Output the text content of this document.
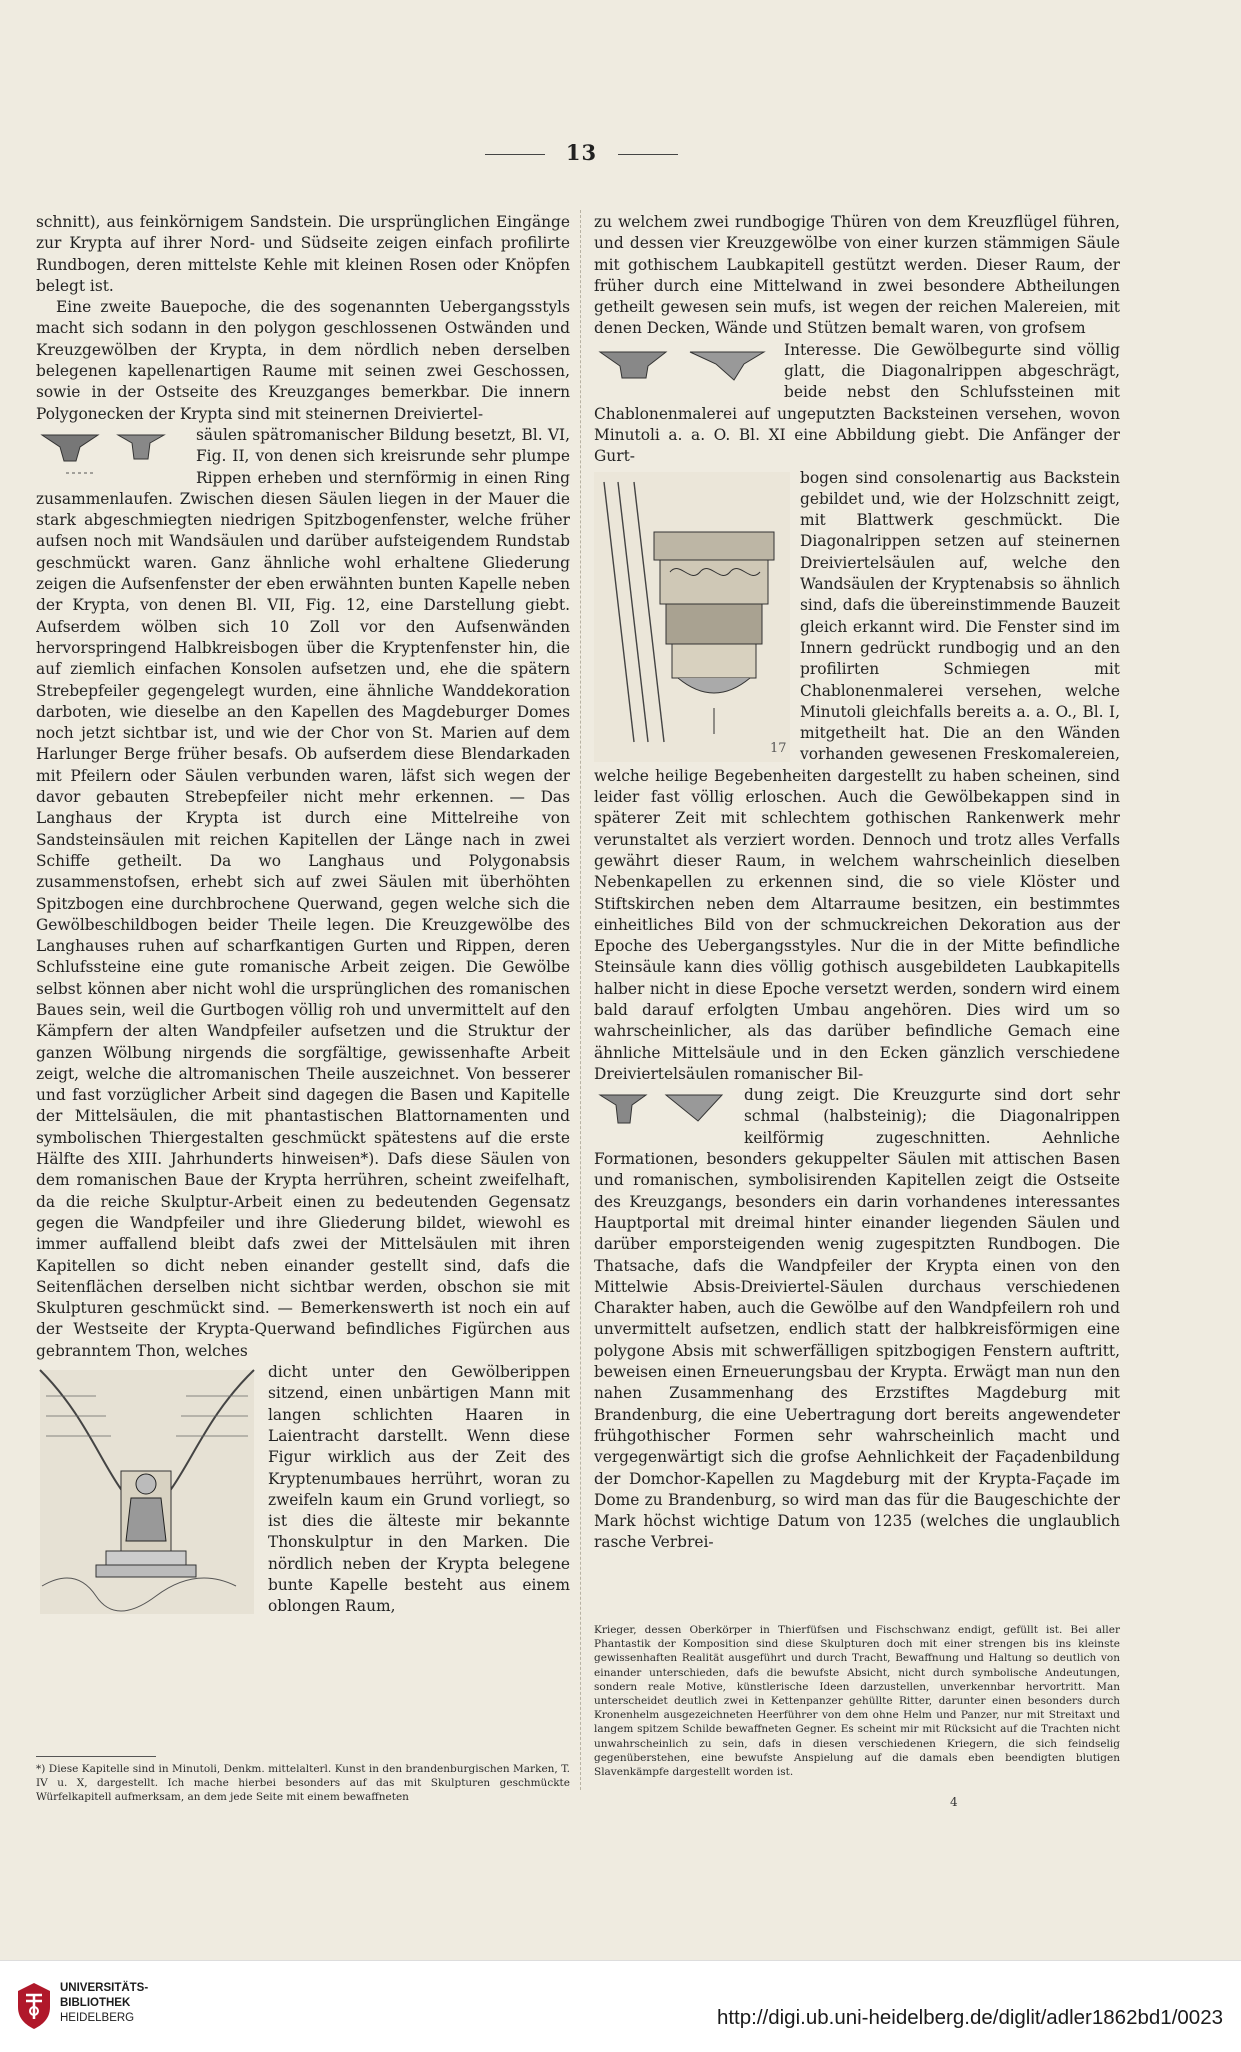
13

schnitt), aus feinkörnigem Sandstein. Die ursprünglichen Eingänge zur Krypta auf ihrer Nord- und Südseite zeigen einfach profilirte Rundbogen, deren mittelste Kehle mit kleinen Rosen oder Knöpfen belegt ist.

Eine zweite Bauepoche, die des sogenannten Uebergangsstyls macht sich sodann in den polygon geschlossenen Ostwänden und Kreuzgewölben der Krypta, in dem nördlich neben derselben belegenen kapellenartigen Raume mit seinen zwei Geschossen, sowie in der Ostseite des Kreuzganges bemerkbar. Die innern Polygonecken der Krypta sind mit steinernen Dreiviertel-

säulen spätromanischer Bildung besetzt, Bl. VI, Fig. II, von denen sich kreisrunde sehr plumpe Rippen erheben und sternförmig in einen Ring zusammenlaufen. Zwischen diesen Säulen liegen in der Mauer die stark abgeschmiegten niedrigen Spitzbogenfenster, welche früher aufsen noch mit Wandsäulen und darüber aufsteigendem Rundstab geschmückt waren. Ganz ähnliche wohl erhaltene Gliederung zeigen die Aufsenfenster der eben erwähnten bunten Kapelle neben der Krypta, von denen Bl. VII, Fig. 12, eine Darstellung giebt. Aufserdem wölben sich 10 Zoll vor den Aufsenwänden hervorspringend Halbkreisbogen über die Kryptenfenster hin, die auf ziemlich einfachen Konsolen aufsetzen und, ehe die spätern Strebepfeiler gegengelegt wurden, eine ähnliche Wanddekoration darboten, wie dieselbe an den Kapellen des Magdeburger Domes noch jetzt sichtbar ist, und wie der Chor von St. Marien auf dem Harlunger Berge früher besafs. Ob aufserdem diese Blendarkaden mit Pfeilern oder Säulen verbunden waren, läfst sich wegen der davor gebauten Strebepfeiler nicht mehr erkennen. — Das Langhaus der Krypta ist durch eine Mittelreihe von Sandsteinsäulen mit reichen Kapitellen der Länge nach in zwei Schiffe getheilt. Da wo Langhaus und Polygonabsis zusammenstofsen, erhebt sich auf zwei Säulen mit überhöhten Spitzbogen eine durchbrochene Querwand, gegen welche sich die Gewölbeschildbogen beider Theile legen. Die Kreuzgewölbe des Langhauses ruhen auf scharfkantigen Gurten und Rippen, deren Schlufssteine eine gute romanische Arbeit zeigen. Die Gewölbe selbst können aber nicht wohl die ursprünglichen des romanischen Baues sein, weil die Gurtbogen völlig roh und unvermittelt auf den Kämpfern der alten Wandpfeiler aufsetzen und die Struktur der ganzen Wölbung nirgends die sorgfältige, gewissenhafte Arbeit zeigt, welche die altromanischen Theile auszeichnet. Von besserer und fast vorzüglicher Arbeit sind dagegen die Basen und Kapitelle der Mittelsäulen, die mit phantastischen Blattornamenten und symbolischen Thiergestalten geschmückt spätestens auf die erste Hälfte des XIII. Jahrhunderts hinweisen*). Dafs diese Säulen von dem romanischen Baue der Krypta herrühren, scheint zweifelhaft, da die reiche Skulptur-Arbeit einen zu bedeutenden Gegensatz gegen die Wandpfeiler und ihre Gliederung bildet, wiewohl es immer auffallend bleibt dafs zwei der Mittelsäulen mit ihren Kapitellen so dicht neben einander gestellt sind, dafs die Seitenflächen derselben nicht sichtbar werden, obschon sie mit Skulpturen geschmückt sind. — Bemerkenswerth ist noch ein auf der Westseite der Krypta-Querwand befindliches Figürchen aus gebranntem Thon, welches

dicht unter den Gewölberippen sitzend, einen unbärtigen Mann mit langen schlichten Haaren in Laientracht darstellt. Wenn diese Figur wirklich aus der Zeit des Kryptenumbaues herrührt, woran zu zweifeln kaum ein Grund vorliegt, so ist dies die älteste mir bekannte Thonskulptur in den Marken. Die nördlich neben der Krypta belegene bunte Kapelle besteht aus einem oblongen Raum,

zu welchem zwei rundbogige Thüren von dem Kreuzflügel führen, und dessen vier Kreuzgewölbe von einer kurzen stämmigen Säule mit gothischem Laubkapitell gestützt werden. Dieser Raum, der früher durch eine Mittelwand in zwei besondere Abtheilungen getheilt gewesen sein mufs, ist wegen der reichen Malereien, mit denen Decken, Wände und Stützen bemalt waren, von grofsem

Interesse. Die Gewölbegurte sind völlig glatt, die Diagonalrippen abgeschrägt, beide nebst den Schlufssteinen mit Chablonenmalerei auf ungeputzten Backsteinen versehen, wovon Minutoli a. a. O. Bl. XI eine Abbildung giebt. Die Anfänger der Gurt-

17

bogen sind consolenartig aus Backstein gebildet und, wie der Holzschnitt zeigt, mit Blattwerk geschmückt. Die Diagonalrippen setzen auf steinernen Dreiviertelsäulen auf, welche den Wandsäulen der Kryptenabsis so ähnlich sind, dafs die übereinstimmende Bauzeit gleich erkannt wird. Die Fenster sind im Innern gedrückt rundbogig und an den profilirten Schmiegen mit Chablonenmalerei versehen, welche Minutoli gleichfalls bereits a. a. O., Bl. I, mitgetheilt hat. Die an den Wänden vorhanden gewesenen Freskomalereien, welche heilige Begebenheiten dargestellt zu haben scheinen, sind leider fast völlig erloschen. Auch die Gewölbekappen sind in späterer Zeit mit schlechtem gothischen Rankenwerk mehr verunstaltet als verziert worden. Dennoch und trotz alles Verfalls gewährt dieser Raum, in welchem wahrscheinlich dieselben Nebenkapellen zu erkennen sind, die so viele Klöster und Stiftskirchen neben dem Altarraume besitzen, ein bestimmtes einheitliches Bild von der schmuckreichen Dekoration aus der Epoche des Uebergangsstyles. Nur die in der Mitte befindliche Steinsäule kann dies völlig gothisch ausgebildeten Laubkapitells halber nicht in diese Epoche versetzt werden, sondern wird einem bald darauf erfolgten Umbau angehören. Dies wird um so wahrscheinlicher, als das darüber befindliche Gemach eine ähnliche Mittelsäule und in den Ecken gänzlich verschiedene Dreiviertelsäulen romanischer Bil-

dung zeigt. Die Kreuzgurte sind dort sehr schmal (halbsteinig); die Diagonalrippen keilförmig zugeschnitten. Aehnliche Formationen, besonders gekuppelter Säulen mit attischen Basen und romanischen, symbolisirenden Kapitellen zeigt die Ostseite des Kreuzgangs, besonders ein darin vorhandenes interessantes Hauptportal mit dreimal hinter einander liegenden Säulen und darüber emporsteigenden wenig zugespitzten Rundbogen. Die Thatsache, dafs die Wandpfeiler der Krypta einen von den Mittelwie Absis-Dreiviertel-Säulen durchaus verschiedenen Charakter haben, auch die Gewölbe auf den Wandpfeilern roh und unvermittelt aufsetzen, endlich statt der halbkreisförmigen eine polygone Absis mit schwerfälligen spitzbogigen Fenstern auftritt, beweisen einen Erneuerungsbau der Krypta. Erwägt man nun den nahen Zusammenhang des Erzstiftes Magdeburg mit Brandenburg, die eine Uebertragung dort bereits angewendeter frühgothischer Formen sehr wahrscheinlich macht und vergegenwärtigt sich die grofse Aehnlichkeit der Façadenbildung der Domchor-Kapellen zu Magdeburg mit der Krypta-Façade im Dome zu Brandenburg, so wird man das für die Baugeschichte der Mark höchst wichtige Datum von 1235 (welches die unglaublich rasche Verbrei-

*) Diese Kapitelle sind in Minutoli, Denkm. mittelalterl. Kunst in den brandenburgischen Marken, T. IV u. X, dargestellt. Ich mache hierbei besonders auf das mit Skulpturen geschmückte Würfelkapitell aufmerksam, an dem jede Seite mit einem bewaffneten
Krieger, dessen Oberkörper in Thierfüfsen und Fischschwanz endigt, gefüllt ist. Bei aller Phantastik der Komposition sind diese Skulpturen doch mit einer strengen bis ins kleinste gewissenhaften Realität ausgeführt und durch Tracht, Bewaffnung und Haltung so deutlich von einander unterschieden, dafs die bewufste Absicht, nicht durch symbolische Andeutungen, sondern reale Motive, künstlerische Ideen darzustellen, unverkennbar hervortritt. Man unterscheidet deutlich zwei in Kettenpanzer gehüllte Ritter, darunter einen besonders durch Kronenhelm ausgezeichneten Heerführer von dem ohne Helm und Panzer, nur mit Streitaxt und langem spitzem Schilde bewaffneten Gegner. Es scheint mir mit Rücksicht auf die Trachten nicht unwahrscheinlich zu sein, dafs in diesen verschiedenen Kriegern, die sich feindselig gegenüberstehen, eine bewufste Anspielung auf die damals eben beendigten blutigen Slavenkämpfe dargestellt worden ist.
4
UNIVERSITÄTS-
BIBLIOTHEK
HEIDELBERG	http://digi.ub.uni-heidelberg.de/diglit/adler1862bd1/0023
